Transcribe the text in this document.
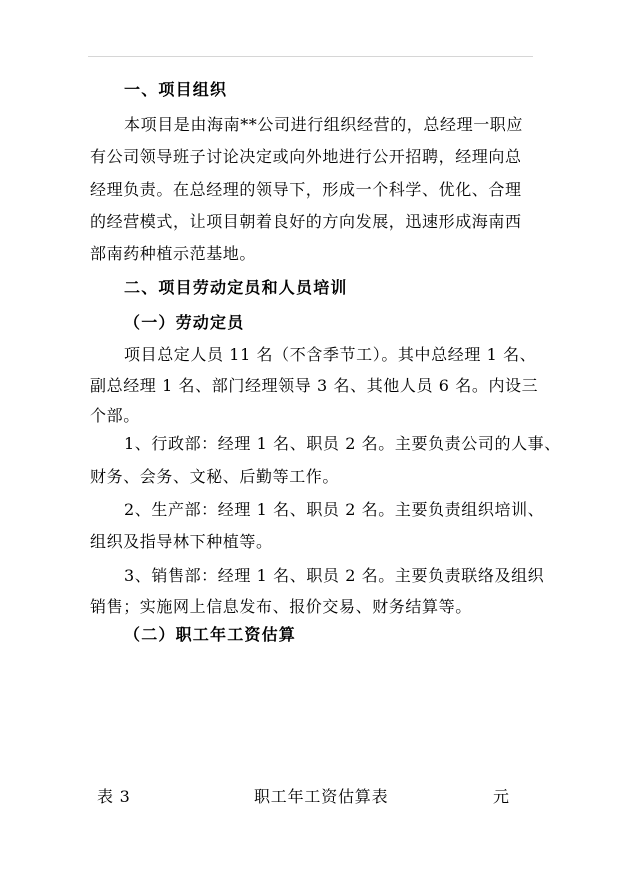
一、项目组织
本项目是由海南**公司进行组织经营的，总经理一职应
有公司领导班子讨论决定或向外地进行公开招聘，经理向总
经理负责。在总经理的领导下，形成一个科学、优化、合理
的经营模式，让项目朝着良好的方向发展，迅速形成海南西
部南药种植示范基地。
二、项目劳动定员和人员培训
（一）劳动定员
项目总定人员 11 名（不含季节工）。其中总经理 1 名、
副总经理 1 名、部门经理领导 3 名、其他人员 6 名。内设三
个部。
1、行政部：经理 1 名、职员 2 名。主要负责公司的人事、
财务、会务、文秘、后勤等工作。
2、生产部：经理 1 名、职员 2 名。主要负责组织培训、
组织及指导林下种植等。
3、销售部：经理 1 名、职员 2 名。主要负责联络及组织
销售；实施网上信息发布、报价交易、财务结算等。
（二）职工年工资估算
表 3	职工年工资估算表	元
